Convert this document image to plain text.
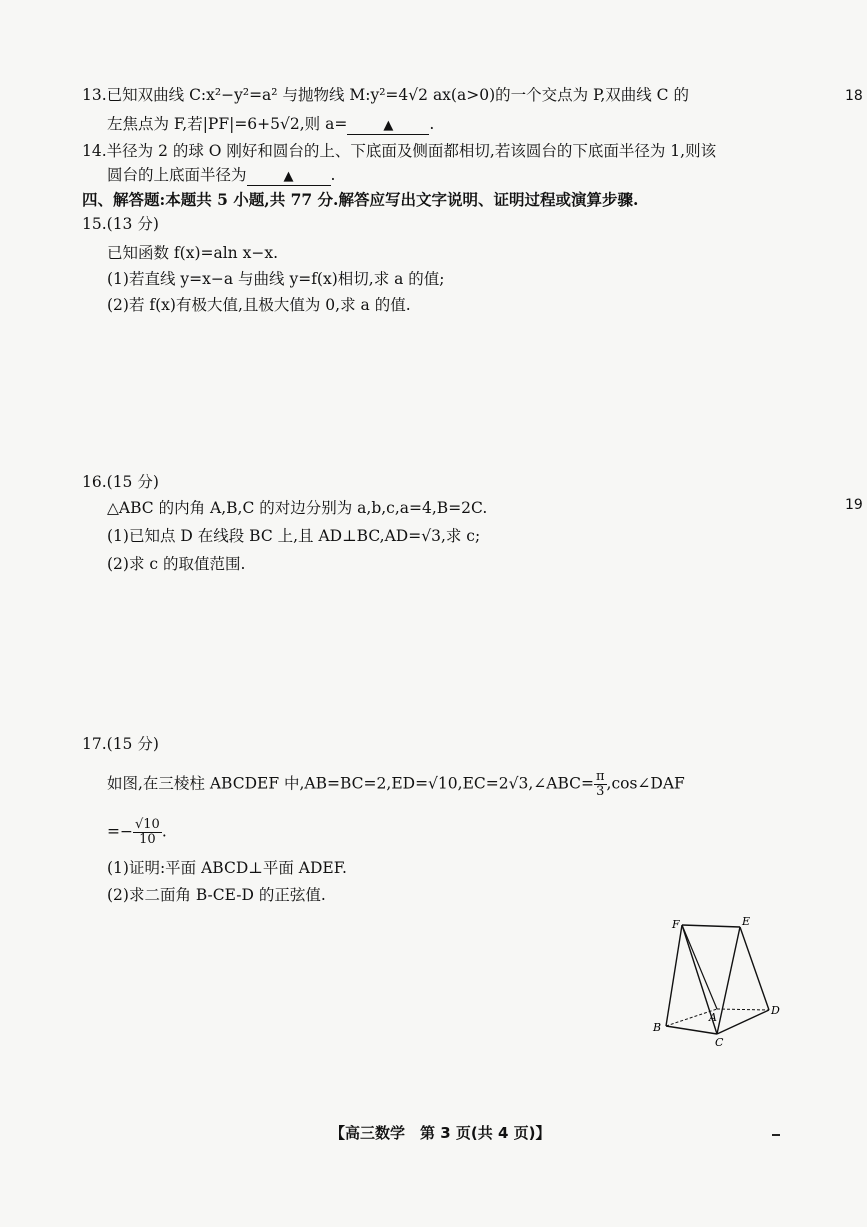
18
19
13.已知双曲线 C:x²−y²=a² 与抛物线 M:y²=4√2 ax(a>0)的一个交点为 P,双曲线 C 的
左焦点为 F,若|PF|=6+5√2,则 a=	▲ .
14.半径为 2 的球 O 刚好和圆台的上、下底面及侧面都相切,若该圆台的下底面半径为 1,则该
圆台的上底面半径为	▲ .
四、解答题:本题共 5 小题,共 77 分.解答应写出文字说明、证明过程或演算步骤.
15.(13 分)
已知函数 f(x)=aln x−x.
(1)若直线 y=x−a 与曲线 y=f(x)相切,求 a 的值;
(2)若 f(x)有极大值,且极大值为 0,求 a 的值.
16.(15 分)
△ABC 的内角 A,B,C 的对边分别为 a,b,c,a=4,B=2C.
(1)已知点 D 在线段 BC 上,且 AD⊥BC,AD=√3,求 c;
(2)求 c 的取值范围.
17.(15 分)
如图,在三棱柱 ABCDEF 中,AB=BC=2,ED=√10,EC=2√3,∠ABC= $\frac{\pi}{3}$ ,cos∠DAF
=− $\frac{√10}{10}$ .
(1)证明:平面 ABCD⊥平面 ADEF.
(2)求二面角 B-CE-D 的正弦值.
F	E
A
B
C
D
【高三数学　第 3 页(共 4 页)】
